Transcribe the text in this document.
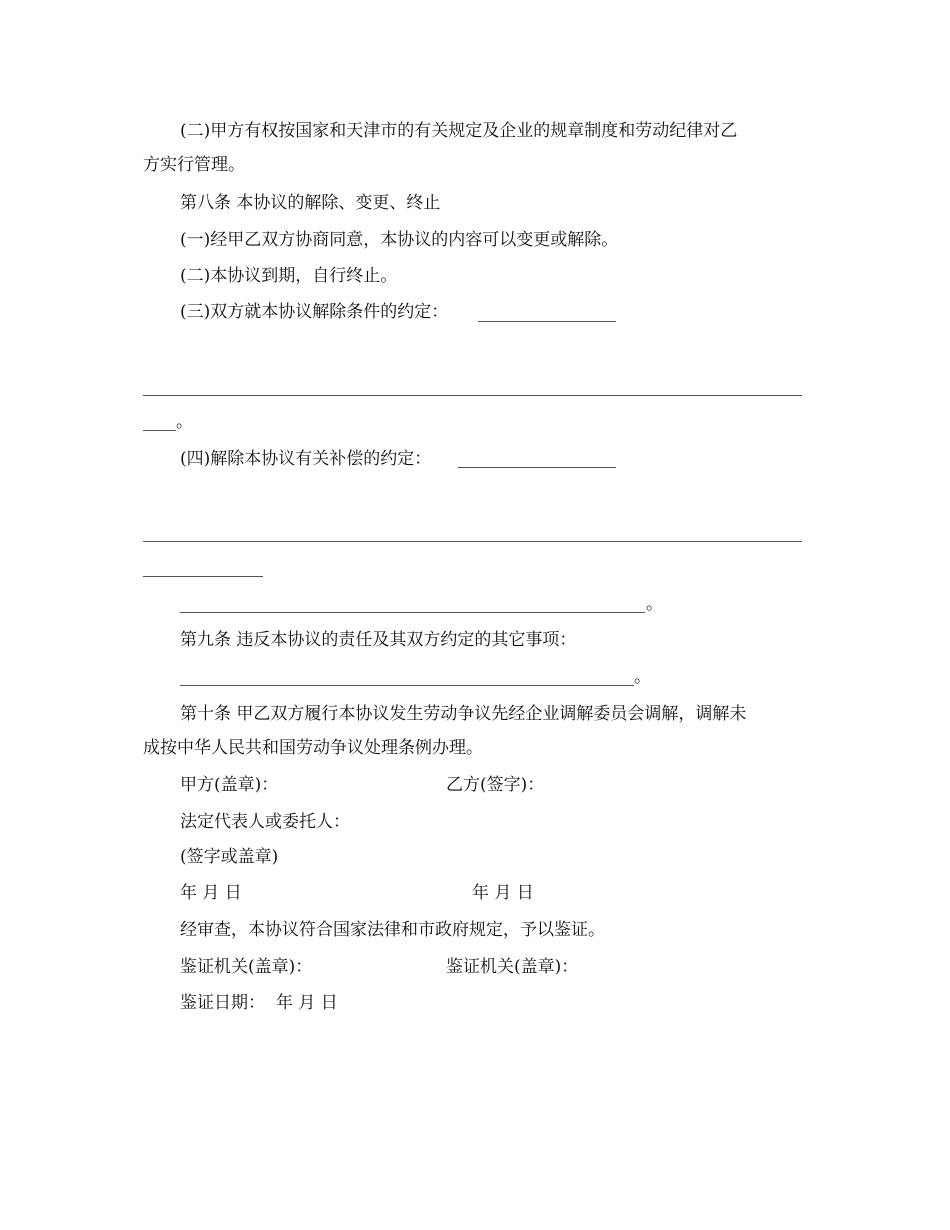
(二)甲方有权按国家和天津市的有关规定及企业的规章制度和劳动纪律对乙
方实行管理。
第八条 本协议的解除、变更、终止
(一)经甲乙双方协商同意，本协议的内容可以变更或解除。
(二)本协议到期，自行终止。
(三)双方就本协议解除条件的约定：
。
(四)解除本协议有关补偿的约定：
。
第九条 违反本协议的责任及其双方约定的其它事项：
。
第十条 甲乙双方履行本协议发生劳动争议先经企业调解委员会调解，调解未
成按中华人民共和国劳动争议处理条例办理。
甲方(盖章)：	乙方(签字)：
法定代表人或委托人：
(签字或盖章)
年 月 日	年 月 日
经审查，本协议符合国家法律和市政府规定，予以鉴证。
鉴证机关(盖章)：	鉴证机关(盖章)：
鉴证日期： 年 月 日
